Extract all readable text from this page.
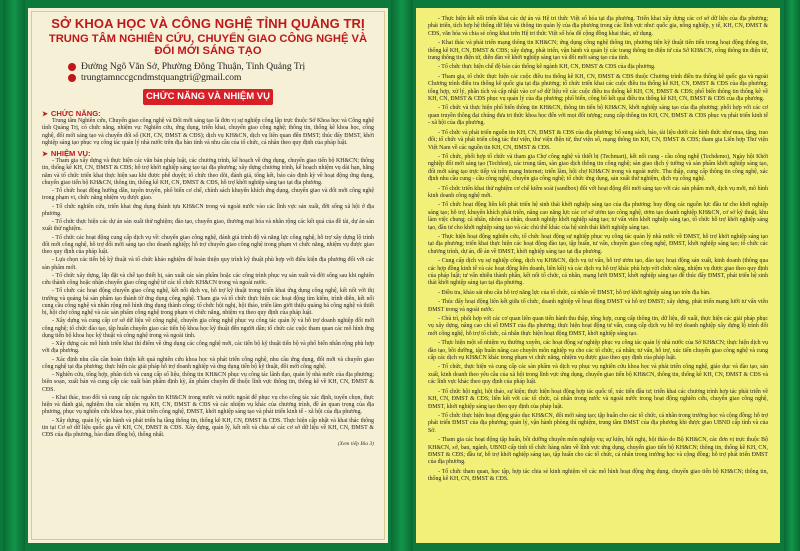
SỞ KHOA HỌC VÀ CÔNG NGHỆ TỈNH QUẢNG TRỊ
TRUNG TÂM NGHIÊN CỨU, CHUYỂN GIAO CÔNG NGHỆ VÀ ĐỔI MỚI SÁNG TẠO
Đường Ngô Văn Sở, Phường Đông Thuận, Tỉnh Quảng Trị
trungtamnccgcndmstquangtri@gmail.com
CHỨC NĂNG VÀ NHIỆM VỤ
➤ CHỨC NĂNG:

Trung tâm Nghiên cứu, Chuyển giao công nghệ và Đổi mới sáng tạo là đơn vị sự nghiệp công lập trực thuộc Sở Khoa học và Công nghệ tỉnh Quảng Trị, có chức năng, nhiệm vụ: Nghiên cứu, ứng dụng, triển khai, chuyển giao công nghệ; thông tin, thống kê khoa học, công nghệ, đổi mới sáng tạo và chuyển đổi số (KH, CN, ĐMST & CĐS); dịch vụ KH&CN, dịch vụ liên quan đến ĐMST; thúc đẩy ĐMST, khởi nghiệp sáng tạo phục vụ công tác quản lý nhà nước trên địa bàn tỉnh và nhu cầu của tổ chức, cá nhân theo quy định của pháp luật.

➤ NHIỆM VỤ:

- Tham gia xây dựng và thực hiện các văn bản pháp luật, các chương trình, kế hoạch về ứng dụng, chuyển giao tiến bộ KH&CN; thông tin, thống kê KH, CN, ĐMST & CĐS; hỗ trợ khởi nghiệp sáng tạo tại địa phương; xây dựng chương trình, kế hoạch nhiệm vụ dài hạn, hằng năm và tổ chức triển khai thực hiện sau khi được phê duyệt; tổ chức theo dõi, đánh giá, tổng kết, báo cáo định kỳ về hoạt động ứng dụng, chuyển giao tiến bộ KH&CN, thông tin, thống kê KH, CN, ĐMST & CĐS, hỗ trợ khởi nghiệp sáng tạo tại địa phương.

- Tổ chức hoạt động hướng dẫn, tuyên truyền, phổ biến cơ chế, chính sách khuyến khích ứng dụng, chuyển giao và đổi mới công nghệ trong phạm vi, chức năng nhiệm vụ được giao.

- Tổ chức nghiên cứu, triển khai ứng dụng thành tựu KH&CN trong và ngoài nước vào các lĩnh vực sản xuất, đời sống xã hội ở địa phương.

- Tổ chức thực hiện các dự án sản xuất thử nghiệm; đào tạo, chuyển giao, thương mại hóa và nhân rộng các kết quả của đề tài, dự án sản xuất thử nghiệm.

- Tổ chức các hoạt động cung cấp dịch vụ về: chuyển giao công nghệ, đánh giá trình độ và năng lực công nghệ, hỗ trợ xây dựng lộ trình đổi mới công nghệ, hỗ trợ đổi mới sáng tạo cho doanh nghiệp; hỗ trợ chuyển giao công nghệ trong phạm vi chức năng, nhiệm vụ được giao theo quy định của pháp luật.

- Lựa chọn các tiến bộ kỹ thuật và tổ chức khảo nghiệm để hoàn thiện quy trình kỹ thuật phù hợp với điều kiện địa phương đối với các sản phẩm mới.

- Tổ chức xây dựng, lắp đặt và chế tạo thiết bị, sản xuất các sản phẩm hoặc các công trình phục vụ sản xuất và đời sống sau khi nghiên cứu thành công hoặc nhận chuyển giao công nghệ từ các tổ chức KH&CN trong và ngoài nước.

- Tổ chức các hoạt động chuyển giao công nghệ, kết nối dịch vụ, hỗ trợ kỹ thuật trong triển khai ứng dụng công nghệ, kết nối với thị trường và quảng bá sản phẩm tạo thành từ ứng dụng công nghệ. Tham gia và tổ chức thực hiện các hoạt động tìm kiếm, trình diễn, kết nối cung cầu công nghệ và nhân rộng mô hình ứng dụng thành công; tổ chức hội nghị, hội thảo, triển lãm giới thiệu quảng bá công nghệ và thiết bị, hội chợ công nghệ và các sản phẩm công nghệ trong phạm vi chức năng, nhiệm vụ theo quy định của pháp luật.

- Xây dựng và cung cấp cơ sở dữ liệu về công nghệ, chuyên gia công nghệ phục vụ công tác quản lý và hỗ trợ doanh nghiệp đổi mới công nghệ; tổ chức đào tạo, tập huấn chuyển giao các tiến bộ khoa học kỹ thuật đến người dân; tổ chức các cuộc tham quan các mô hình ứng dụng tiến bộ khoa học kỹ thuật và công nghệ trong và ngoài tỉnh.

- Xây dựng các mô hình triển khai thí điểm về ứng dụng các công nghệ mới, các tiến bộ kỹ thuật tiến bộ và phổ biến nhân rộng phù hợp với địa phương.

- Xác định nhu cầu cần hoàn thiện kết quả nghiên cứu khoa học và phát triển công nghệ, nhu cầu ứng dụng, đổi mới và chuyển giao công nghệ tại địa phương; thực hiện các giải pháp hỗ trợ doanh nghiệp và ứng dụng tiến bộ kỹ thuật, đổi mới công nghệ.

- Nghiên cứu, tổng hợp, phân tích và cung cấp số liệu, thông tin KH&CN phục vụ công tác lãnh đạo, quản lý nhà nước của địa phương; biên soạn, xuất bản và cung cấp các xuất bản phẩm định kỳ, ấn phẩm chuyên đề thuộc lĩnh vực thông tin, thống kê về KH, CN, ĐMST & CĐS.

- Khai thác, trao đổi và cung cấp các nguồn tin KH&CN trong nước và nước ngoài để phục vụ cho công tác xác định, tuyển chọn, thực hiện và đánh giá, nghiệm thu các nhiệm vụ KH, CN, ĐMST & CĐS và các nhiệm vụ khác của chương trình, đề án quan trọng của địa phương, phục vụ nghiên cứu khoa học, phát triển công nghệ, ĐMST, khởi nghiệp sáng tạo và phát triển kinh tế - xã hội của địa phương.

- Xây dựng, quản lý, vận hành và phát triển hạ tầng thông tin, thống kê KH, CN, ĐMST & CĐS. Thực hiện cập nhật và khai thác thông tin tại Cơ sở dữ liệu quốc gia về KH, CN, ĐMST & CĐS. Xây dựng, quản lý, kết nối và chia sẻ các cơ sở dữ liệu về KH, CN, ĐMST & CĐS của địa phương, bảo đảm đồng bộ, thống nhất.

(Xem tiếp Bìa 3)

- Thực hiện kết nối triển khai các dự án và Hệ tri thức Việt số hóa tại địa phương. Triển khai xây dựng các cơ sở dữ liệu của địa phương; phát triển, tích hợp hệ thống dữ liệu và thông tin quản lý của địa phương trong các lĩnh vực như: quốc gia, nông nghiệp, y tế, KH, CN, ĐMST & CĐS, văn hóa và chia sẻ công khai trên Hệ tri thức Việt số hóa để cộng đồng khai thác, sử dụng.

- Khai thác và phát triển mạng thông tin KH&CN; ứng dụng công nghệ thông tin, phương tiện kỹ thuật tiên tiến trong hoạt động thông tin, thống kê KH, CN, ĐMST & CĐS; xây dựng, phát triển, vận hành và quản lý các trang thông tin điện tử của Sở KH&CN, cổng thông tin điện tử, trang thông tin điện tử, diễn đàn về khởi nghiệp sáng tạo và đổi mới sáng tạo của tỉnh.

- Tổ chức thực hiện chế độ báo cáo thống kê ngành KH, CN, ĐMST & CĐS của địa phương.

- Tham gia, tổ chức thực hiện các cuộc điều tra thống kê KH, CN, ĐMST & CĐS thuộc Chương trình điều tra thống kê quốc gia và ngoài Chương trình điều tra thống kê quốc gia tại địa phương; tổ chức triển khai các cuộc điều tra thống kê KH, CN, ĐMST & CĐS của địa phương; tổng hợp, xử lý, phân tích và cập nhật vào cơ sở dữ liệu về các cuộc điều tra thống kê KH, CN, ĐMST & CĐS; phổ biến thông tin thống kê về KH, CN, ĐMST & CĐS phục vụ quản lý của địa phương; phổ biến, công bố kết quả điều tra thống kê KH, CN, ĐMST & CĐS của địa phương.

- Tổ chức và thực hiện phổ biến thông tin KH&CN, thông tin tiến bộ KH&CN, khởi nghiệp sáng tạo của địa phương; phối hợp với các cơ quan truyền thông đại chúng đưa tri thức khoa học đến với mọi đối tượng; cung cấp thông tin KH, CN, ĐMST & CĐS phục vụ phát triển kinh tế - xã hội của địa phương.

- Tổ chức và phát triển nguồn tin KH, CN, ĐMST & CĐS của địa phương: bổ sung sách, báo, tài liệu dưới các hình thức như mua, tặng, trao đổi; tổ chức và phát triển công tác thư viện, thư viện điện tử, thư viện số, mạng thông tin KH, CN, ĐMST & CĐS; tham gia Liên hợp Thư viện Việt Nam về các nguồn tin KH, CN, ĐMST & CĐS.

- Tổ chức, phối hợp tổ chức và tham gia Chợ công nghệ và thiết bị (Techmart), kết nối cung - cầu công nghệ (Techdemo), Ngày hội Khởi nghiệp đổi mới sáng tạo (Techfest), các trung tâm, sàn giao dịch thông tin công nghệ; sàn giao dịch ý tưởng và sản phẩm khởi nghiệp sáng tạo, đổi mới sáng tạo trực tiếp và trên mạng Internet; triển lãm, hội chợ KH&CN trong và ngoài nước. Thu thập, cung cấp thông tin công nghệ, xác định nhu cầu cung - cầu công nghệ, chuyên gia công nghệ; tổ chức ứng dụng, sản xuất thử nghiệm, dịch vụ công nghệ.

- Tổ chức triển khai thử nghiệm cơ chế kiểm soát (sandbox) đối với hoạt động đổi mới sáng tạo với các sản phẩm mới, dịch vụ mới, mô hình kinh doanh công nghệ mới.

- Tổ chức hoạt động liên kết phát triển hệ sinh thái khởi nghiệp sáng tạo của địa phương; huy động các nguồn lực đầu tư cho khởi nghiệp sáng tạo; hỗ trợ, khuyến khích phát triển, nâng cao năng lực các cơ sở ươm tạo công nghệ, ươm tạo doanh nghiệp KH&CN, cơ sở kỹ thuật, khu làm việc chung; cá nhân, nhóm cá nhân, doanh nghiệp khởi nghiệp sáng tạo; tư vấn viên khởi nghiệp sáng tạo, tổ chức hỗ trợ khởi nghiệp sáng tạo, đầu tư cho khởi nghiệp sáng tạo và các chủ thể khác của hệ sinh thái khởi nghiệp sáng tạo.

- Thực hiện hoạt động nghiên cứu, tổ chức hoạt động sự nghiệp phục vụ công tác quản lý nhà nước về ĐMST, hỗ trợ khởi nghiệp sáng tạo tại địa phương; triển khai thực hiện các hoạt động đào tạo, tập huấn, tư vấn, chuyển giao công nghệ, ĐMST, khởi nghiệp sáng tạo; tổ chức các chương trình, dự án, đề án về ĐMST, khởi nghiệp sáng tạo tại địa phương.

- Cung cấp dịch vụ sự nghiệp công, dịch vụ KH&CN, dịch vụ tư vấn, hỗ trợ ươm tạo, đào tạo; hoạt động sản xuất, kinh doanh (thông qua các hợp đồng kinh tế và các hoạt động liên doanh, liên kết) và các dịch vụ hỗ trợ khác phù hợp với chức năng, nhiệm vụ được giao theo quy định của pháp luật; tư vấn nhiều thành phần, kết nối tổ chức, cá nhân, mạng lưới ĐMST, khởi nghiệp sáng tạo để thúc đẩy ĐMST, phát triển hệ sinh thái khởi nghiệp sáng tạo tại địa phương.

- Điều tra, khảo sát nhu cầu hỗ trợ năng lực của tổ chức, cá nhân về ĐMST, hỗ trợ khởi nghiệp sáng tạo trên địa bàn.

- Thúc đẩy hoạt động liên kết giữa tổ chức, doanh nghiệp về hoạt động ĐMST và hỗ trợ ĐMST; xây dựng, phát triển mạng lưới tư vấn viên ĐMST trong và ngoài nước.

- Chủ trì, phối hợp với các cơ quan liên quan tiến hành thu thập, tổng hợp, cung cấp thông tin, dữ liệu, đề xuất, thực hiện các giải pháp phục vụ xây dựng, nâng cao chỉ số ĐMST của địa phương; thực hiện hoạt động tư vấn, cung cấp dịch vụ hỗ trợ doanh nghiệp xây dựng lộ trình đổi mới công nghệ, hỗ trợ tổ chức, cá nhân thực hiện hoạt động ĐMST, khởi nghiệp sáng tạo.

- Thực hiện một số nhiệm vụ thường xuyên, các hoạt động sự nghiệp phục vụ công tác quản lý nhà nước của Sở KH&CN; thực hiện dịch vụ đào tạo, bồi dưỡng, tập huấn nâng cao chuyên môn nghiệp vụ cho các tổ chức, cá nhân; tư vấn, hỗ trợ, xúc tiến chuyển giao công nghệ và cung cấp các dịch vụ KH&CN khác trong phạm vi chức năng, nhiệm vụ được giao theo quy định của pháp luật.

- Tổ chức, thực hiện và cung cấp các sản phẩm và dịch vụ phục vụ nghiên cứu khoa học và phát triển công nghệ, giáo dục và đào tạo, sản xuất, kinh doanh theo yêu cầu của xã hội trong lĩnh vực ứng dụng, chuyển giao tiến bộ KH&CN, thông tin, thống kê KH, CN, ĐMST & CĐS và các lĩnh vực khác theo quy định của pháp luật.

- Tổ chức hội nghị, hội thảo, sự kiện; thực hiện hoạt động hợp tác quốc tế, xúc tiến đầu tư; triển khai các chương trình hợp tác phát triển về KH, CN, ĐMST & CĐS; liên kết với các tổ chức, cá nhân trong nước và ngoài nước trong hoạt động nghiên cứu, chuyển giao công nghệ, ĐMST, khởi nghiệp sáng tạo theo quy định của pháp luật.

- Tổ chức thực hiện hoạt động giáo dục KH&CN, đổi mới sáng tạo; tập huấn cho các tổ chức, cá nhân trong trường học và cộng đồng; hỗ trợ phát triển ĐMST của địa phương; quản lý, vận hành phòng thí nghiệm, trung tâm ĐMST của địa phương khi được giao UBND cấp tỉnh và của Sở.

- Tham gia các hoạt động tập huấn, bồi dưỡng chuyên môn nghiệp vụ; sự kiện, hội nghị, hội thảo do Bộ KH&CN, các đơn vị trực thuộc Bộ KH&CN, sở, ban, ngành, UBND cấp tỉnh tổ chức hàng năm về lĩnh vực ứng dụng, chuyển giao tiến bộ KH&CN; thông tin, thống kê KH, CN, ĐMST & CĐS; đầu tư, hỗ trợ khởi nghiệp sáng tạo, tập huấn cho các tổ chức, cá nhân trong trường học và cộng đồng; hỗ trợ phát triển ĐMST của địa phương.

- Tổ chức tham quan, học tập, hợp tác chia sẻ kinh nghiệm về các mô hình hoạt động ứng dụng, chuyển giao tiến bộ KH&CN; thông tin, thống kê KH, CN, ĐMST & CĐS.
